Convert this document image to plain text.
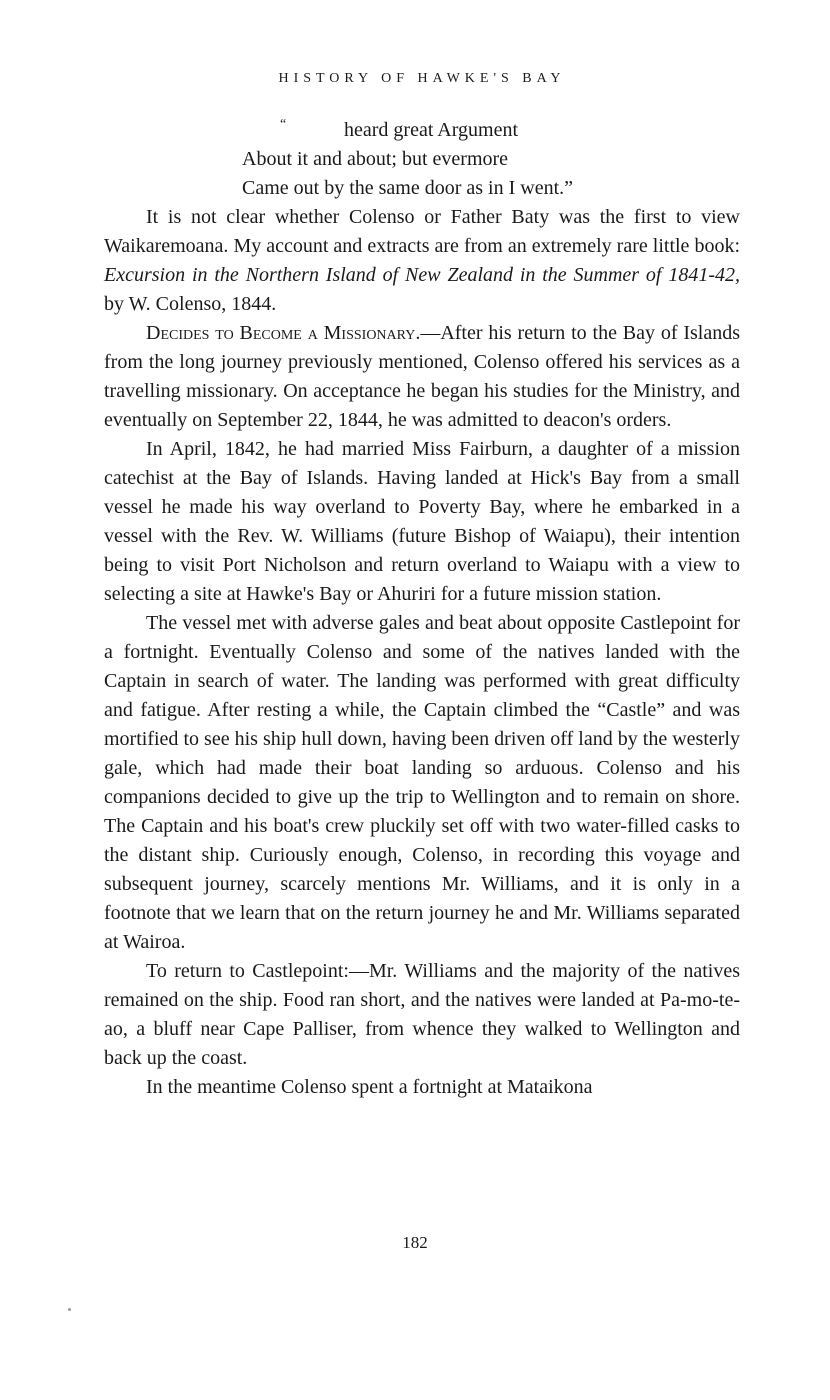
HISTORY OF HAWKE'S BAY
“	heard great Argument
About it and about; but evermore
Came out by the same door as in I went.”

It is not clear whether Colenso or Father Baty was the first to view Waikaremoana. My account and extracts are from an extremely rare little book: Excursion in the Northern Island of New Zealand in the Summer of 1841-42, by W. Colenso, 1844.

Decides to Become a Missionary.—After his return to the Bay of Islands from the long journey previously mentioned, Colenso offered his services as a travelling missionary. On acceptance he began his studies for the Ministry, and eventually on September 22, 1844, he was admitted to deacon's orders.

In April, 1842, he had married Miss Fairburn, a daughter of a mission catechist at the Bay of Islands. Having landed at Hick's Bay from a small vessel he made his way overland to Poverty Bay, where he embarked in a vessel with the Rev. W. Williams (future Bishop of Waiapu), their intention being to visit Port Nicholson and return overland to Waiapu with a view to selecting a site at Hawke's Bay or Ahuriri for a future mission station.

The vessel met with adverse gales and beat about opposite Castlepoint for a fortnight. Eventually Colenso and some of the natives landed with the Captain in search of water. The landing was performed with great difficulty and fatigue. After resting a while, the Captain climbed the “Castle” and was mortified to see his ship hull down, having been driven off land by the westerly gale, which had made their boat landing so arduous. Colenso and his companions decided to give up the trip to Wellington and to remain on shore. The Captain and his boat's crew pluckily set off with two water-filled casks to the distant ship. Curiously enough, Colenso, in recording this voyage and subsequent journey, scarcely mentions Mr. Williams, and it is only in a footnote that we learn that on the return journey he and Mr. Williams separated at Wairoa.

To return to Castlepoint:—Mr. Williams and the majority of the natives remained on the ship. Food ran short, and the natives were landed at Pa-mo-te-ao, a bluff near Cape Palliser, from whence they walked to Wellington and back up the coast.

In the meantime Colenso spent a fortnight at Mataikona

182
